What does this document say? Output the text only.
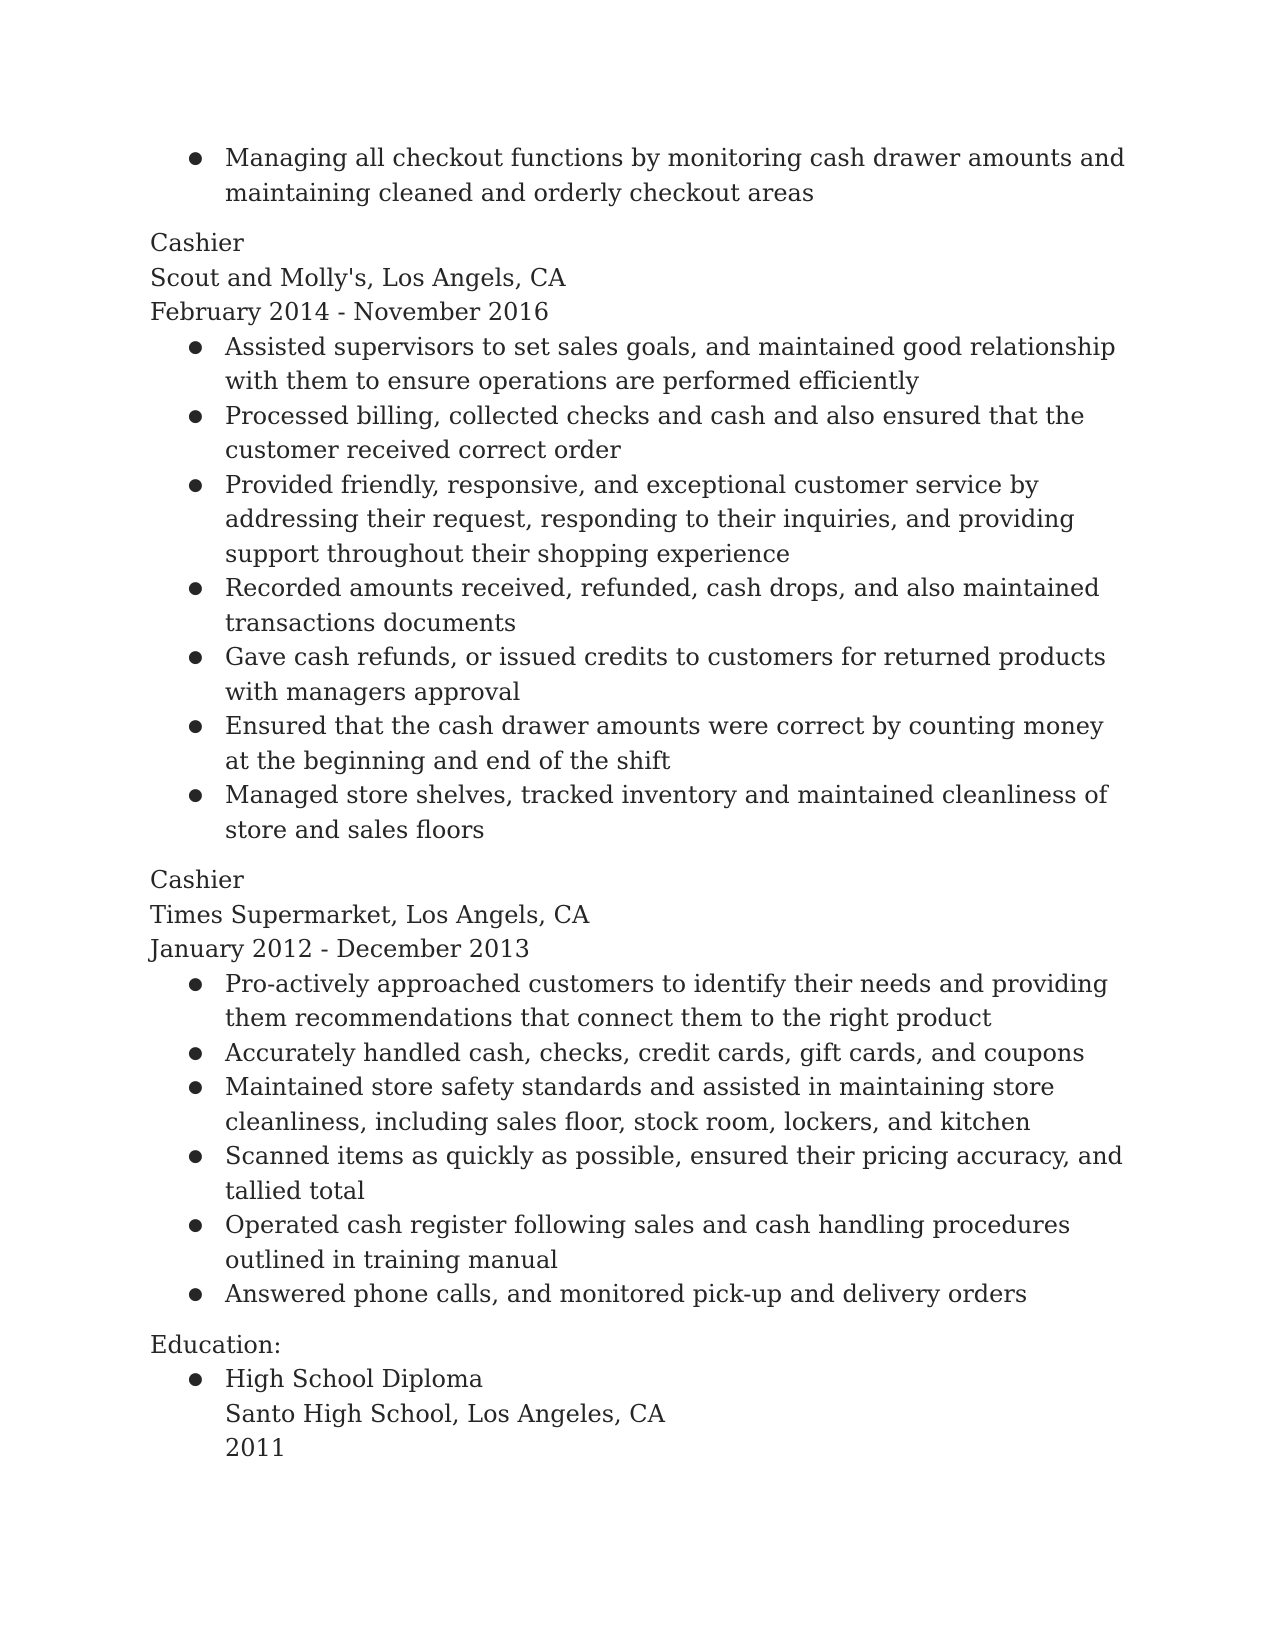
● Managing all checkout functions by monitoring cash drawer amounts and maintaining cleaned and orderly checkout areas

Cashier

Scout and Molly's, Los Angels, CA

February 2014 - November 2016

● Assisted supervisors to set sales goals, and maintained good relationship with them to ensure operations are performed efficiently
● Processed billing, collected checks and cash and also ensured that the customer received correct order
● Provided friendly, responsive, and exceptional customer service by addressing their request, responding to their inquiries, and providing support throughout their shopping experience
● Recorded amounts received, refunded, cash drops, and also maintained transactions documents
● Gave cash refunds, or issued credits to customers for returned products with managers approval
● Ensured that the cash drawer amounts were correct by counting money at the beginning and end of the shift
● Managed store shelves, tracked inventory and maintained cleanliness of store and sales floors

Cashier

Times Supermarket, Los Angels, CA

January 2012 - December 2013

● Pro-actively approached customers to identify their needs and providing them recommendations that connect them to the right product
● Accurately handled cash, checks, credit cards, gift cards, and coupons
● Maintained store safety standards and assisted in maintaining store cleanliness, including sales floor, stock room, lockers, and kitchen
● Scanned items as quickly as possible, ensured their pricing accuracy, and tallied total
● Operated cash register following sales and cash handling procedures outlined in training manual
● Answered phone calls, and monitored pick-up and delivery orders

Education:

● High School Diploma
Santo High School, Los Angeles, CA
2011
